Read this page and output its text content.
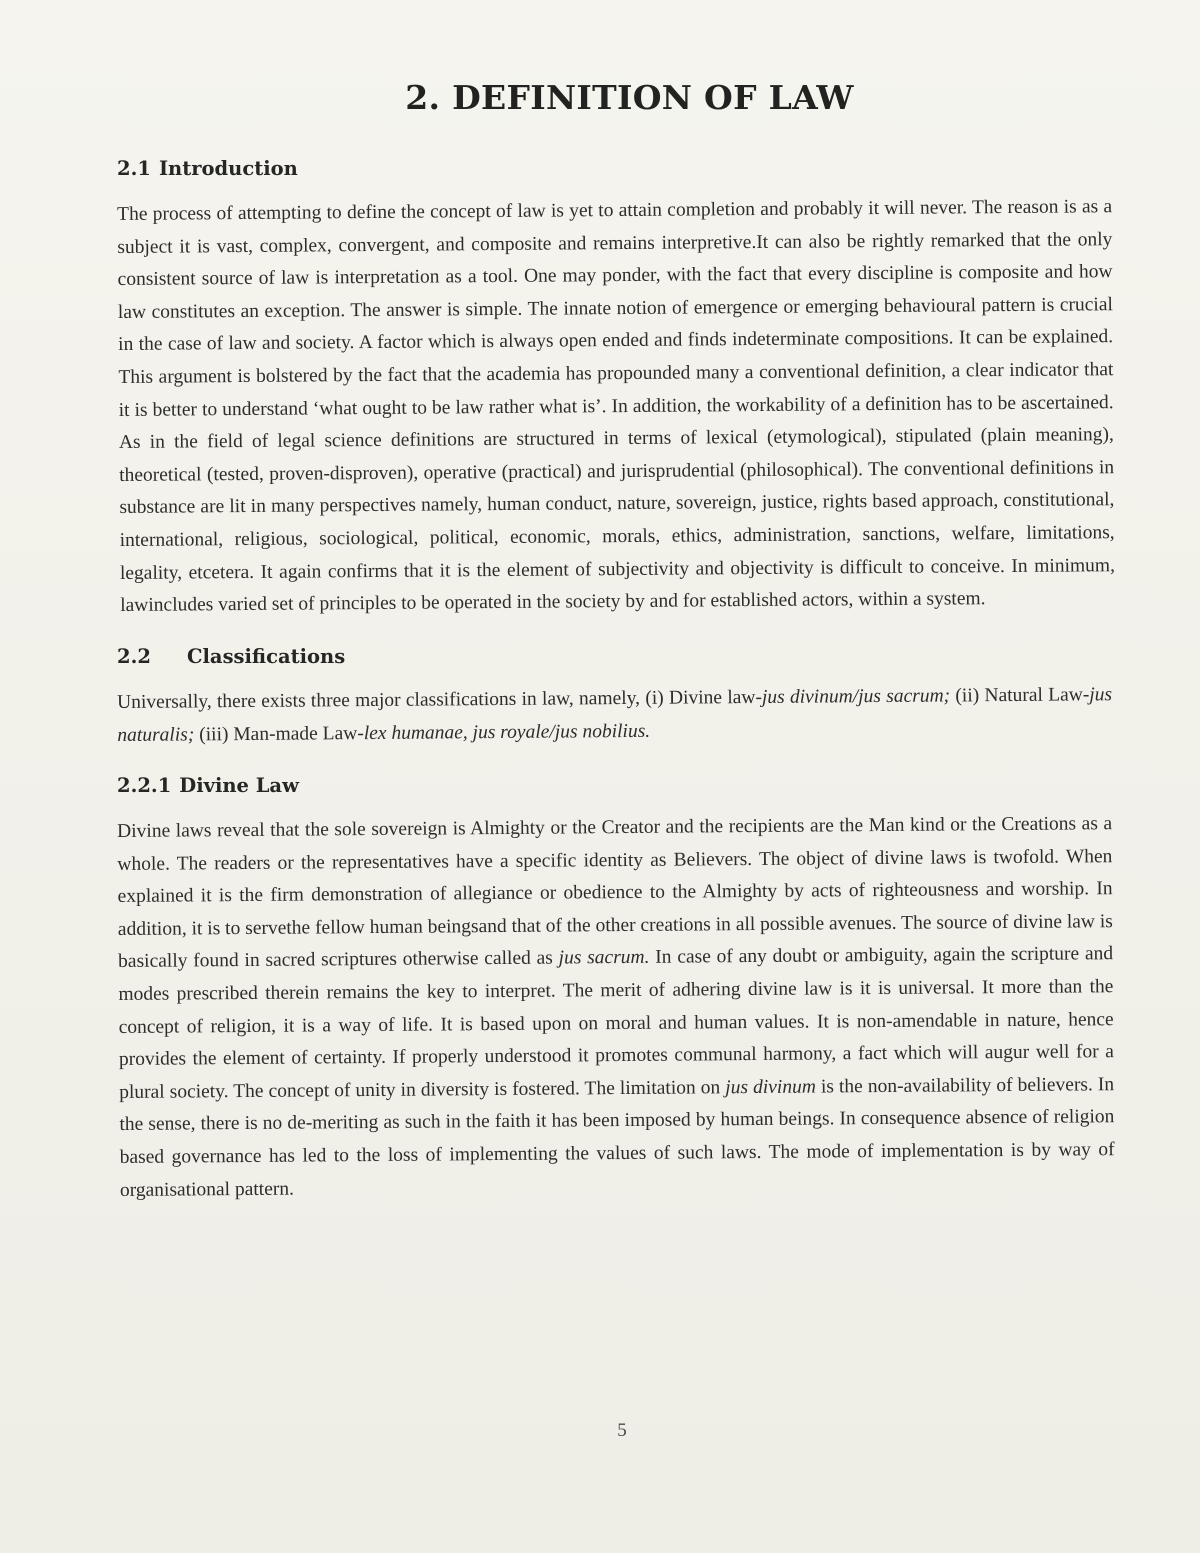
2. DEFINITION OF LAW
2.1 Introduction

The process of attempting to define the concept of law is yet to attain completion and probably it will never. The reason is as a subject it is vast, complex, convergent, and composite and remains interpretive.It can also be rightly remarked that the only consistent source of law is interpretation as a tool. One may ponder, with the fact that every discipline is composite and how law constitutes an exception. The answer is simple. The innate notion of emergence or emerging behavioural pattern is crucial in the case of law and society. A factor which is always open ended and finds indeterminate compositions. It can be explained. This argument is bolstered by the fact that the academia has propounded many a conventional definition, a clear indicator that it is better to understand ‘what ought to be law rather what is’. In addition, the workability of a definition has to be ascertained. As in the field of legal science definitions are structured in terms of lexical (etymological), stipulated (plain meaning), theoretical (tested, proven-disproven), operative (practical) and jurisprudential (philosophical). The conventional definitions in substance are lit in many perspectives namely, human conduct, nature, sovereign, justice, rights based approach, constitutional, international, religious, sociological, political, economic, morals, ethics, administration, sanctions, welfare, limitations, legality, etcetera. It again confirms that it is the element of subjectivity and objectivity is difficult to conceive. In minimum, lawincludes varied set of principles to be operated in the society by and for established actors, within a system.

2.2 Classifications

Universally, there exists three major classifications in law, namely, (i) Divine law-jus divinum/jus sacrum; (ii) Natural Law-jus naturalis; (iii) Man-made Law-lex humanae, jus royale/jus nobilius.

2.2.1 Divine Law

Divine laws reveal that the sole sovereign is Almighty or the Creator and the recipients are the Man kind or the Creations as a whole. The readers or the representatives have a specific identity as Believers. The object of divine laws is twofold. When explained it is the firm demonstration of allegiance or obedience to the Almighty by acts of righteousness and worship. In addition, it is to servethe fellow human beingsand that of the other creations in all possible avenues. The source of divine law is basically found in sacred scriptures otherwise called as jus sacrum. In case of any doubt or ambiguity, again the scripture and modes prescribed therein remains the key to interpret. The merit of adhering divine law is it is universal. It more than the concept of religion, it is a way of life. It is based upon on moral and human values. It is non-amendable in nature, hence provides the element of certainty. If properly understood it promotes communal harmony, a fact which will augur well for a plural society. The concept of unity in diversity is fostered. The limitation on jus divinum is the non-availability of believers. In the sense, there is no de-meriting as such in the faith it has been imposed by human beings. In consequence absence of religion based governance has led to the loss of implementing the values of such laws. The mode of implementation is by way of organisational pattern.

5
